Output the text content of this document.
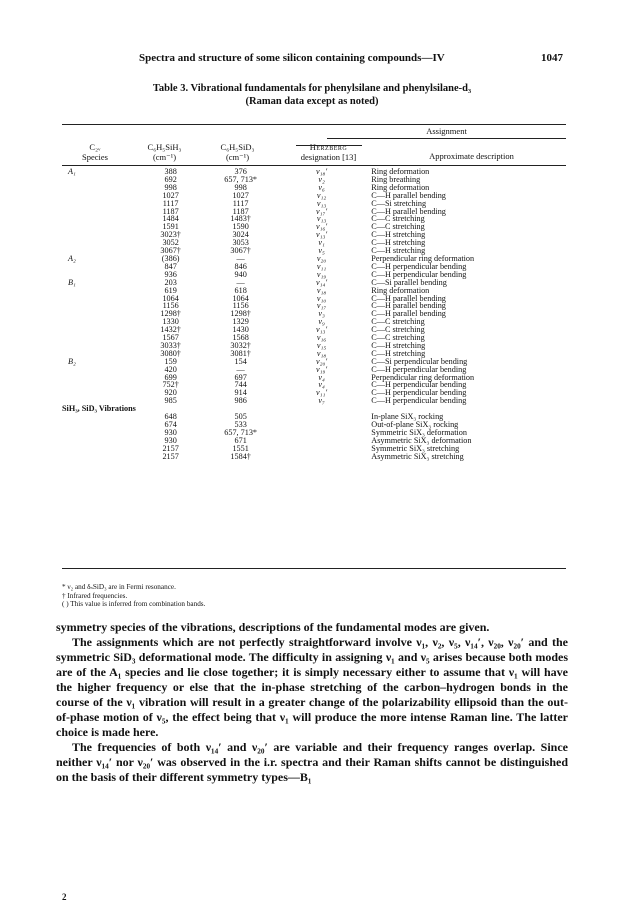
Spectra and structure of some silicon containing compounds—IV	1047
Table 3. Vibrational fundamentals for phenylsilane and phenylsilane-d₃
(Raman data except as noted)
Assignment
C₂ᵥ
Species
C₆H₅SiH₃
(cm⁻¹)
C₆H₅SiD₃
(cm⁻¹)
Herzberg
designation [13]	Approximate description
A₁	388	376	ν₁₈′	Ring deformation
	692	657, 713*	ν₂	Ring breathing
	998	998	ν₆	Ring deformation
	1027	1027	ν₁₂	C—H parallel bending
	1117	1117	ν₁₃	C—Si stretching
	1187	1187	ν₁₇′	C—H parallel bending
	1484	1483†	ν₁₃	C—C stretching
	1591	1590	ν₁₆′	C—C stretching
	3023†	3024	ν₁₃′	C—H stretching
	3052	3053	ν₁	C—H stretching
	3067†	3067†	ν₅	C—H stretching
A₂	(386)	—	ν₂₀	Perpendicular ring deformation
	847	846	ν₁₁	C—H perpendicular bending
	936	940	ν₁₉	C—H perpendicular bending
B₁	203	—	ν₁₄′	C—Si parallel bending
	619	618	ν₁₈	Ring deformation
	1064	1064	ν₁₀	C—H parallel bending
	1156	1156	ν₁₇	C—H parallel bending
	1298†	1298†	ν₃	C—H parallel bending
	1330	1329	ν₉	C—C stretching
	1432†	1430	ν₁₃′	C—C stretching
	1567	1568	ν₁₆	C—C stretching
	3033†	3032†	ν₁₅	C—H stretching
	3080†	3081†	ν₁₈	C—H stretching
B₂	159	154	ν₂₀′	C—Si perpendicular bending
	420	—	ν₁₉′	C—H perpendicular bending
	699	697	ν₄	Perpendicular ring deformation
	752†	744	ν₄	C—H perpendicular bending
	920	914	ν₁₁′	C—H perpendicular bending
	985	986	ν₇	C—H perpendicular bending
SiH₃, SiD₃ Vibrations				
	648	505		In-plane SiX₃ rocking
	674	533		Out-of-plane SiX₃ rocking
	930	657, 713*		Symmetric SiX₃ deformation
	930	671		Asymmetric SiX₃ deformation
	2157	1551		Symmetric SiX₃ stretching
	2157	1584†		Asymmetric SiX₃ stretching
* ν₂ and δₛSiD₃ are in Fermi resonance.
† Infrared frequencies.
( ) This value is inferred from combination bands.

symmetry species of the vibrations, descriptions of the fundamental modes are given.

The assignments which are not perfectly straightforward involve ν₁, ν₂, ν₅, ν₁₄′, ν₂₀, ν₂₀′ and the symmetric SiD₃ deformational mode. The difficulty in assigning ν₁ and ν₅ arises because both modes are of the A₁ species and lie close together; it is simply necessary either to assume that ν₁ will have the higher frequency or else that the in-phase stretching of the carbon–hydrogen bonds in the course of the ν₁ vibration will result in a greater change of the polarizability ellipsoid than the out-of-phase motion of ν₅, the effect being that ν₁ will produce the more intense Raman line. The latter choice is made here.

The frequencies of both ν₁₄′ and ν₂₀′ are variable and their frequency ranges overlap. Since neither ν₁₄′ nor ν₂₀′ was observed in the i.r. spectra and their Raman shifts cannot be distinguished on the basis of their different symmetry types—B₁

2
